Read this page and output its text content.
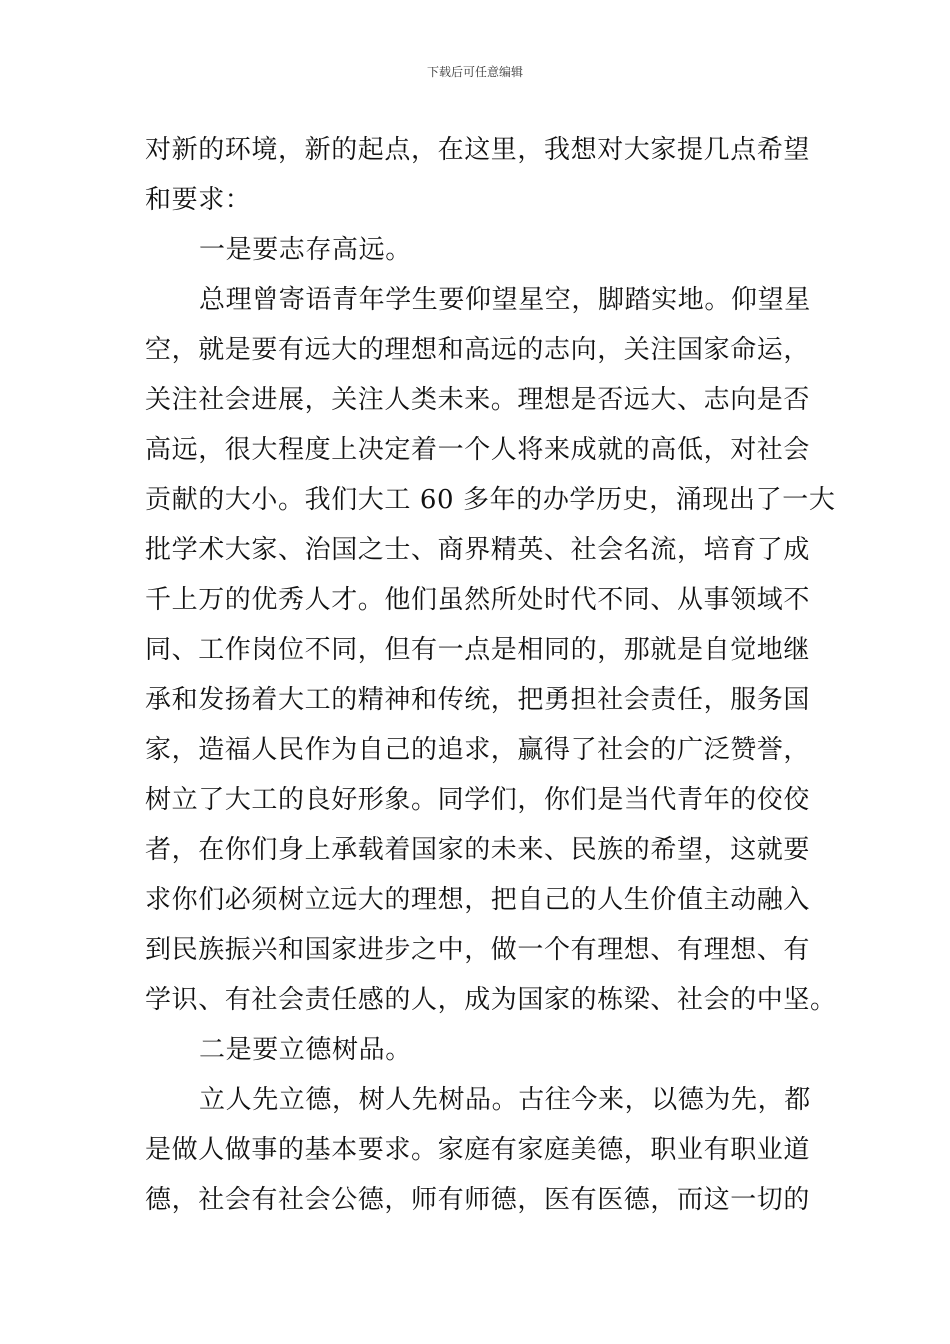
下载后可任意编辑
对新的环境，新的起点，在这里，我想对大家提几点希望
和要求：
一是要志存高远。
总理曾寄语青年学生要仰望星空，脚踏实地。仰望星
空，就是要有远大的理想和高远的志向，关注国家命运，
关注社会进展，关注人类未来。理想是否远大、志向是否
高远，很大程度上决定着一个人将来成就的高低，对社会
贡献的大小。我们大工 60 多年的办学历史，涌现出了一大
批学术大家、治国之士、商界精英、社会名流，培育了成
千上万的优秀人才。他们虽然所处时代不同、从事领域不
同、工作岗位不同，但有一点是相同的，那就是自觉地继
承和发扬着大工的精神和传统，把勇担社会责任，服务国
家，造福人民作为自己的追求，赢得了社会的广泛赞誉，
树立了大工的良好形象。同学们，你们是当代青年的佼佼
者，在你们身上承载着国家的未来、民族的希望，这就要
求你们必须树立远大的理想，把自己的人生价值主动融入
到民族振兴和国家进步之中，做一个有理想、有理想、有
学识、有社会责任感的人，成为国家的栋梁、社会的中坚。
二是要立德树品。
立人先立德，树人先树品。古往今来，以德为先，都
是做人做事的基本要求。家庭有家庭美德，职业有职业道
德，社会有社会公德，师有师德，医有医德，而这一切的
